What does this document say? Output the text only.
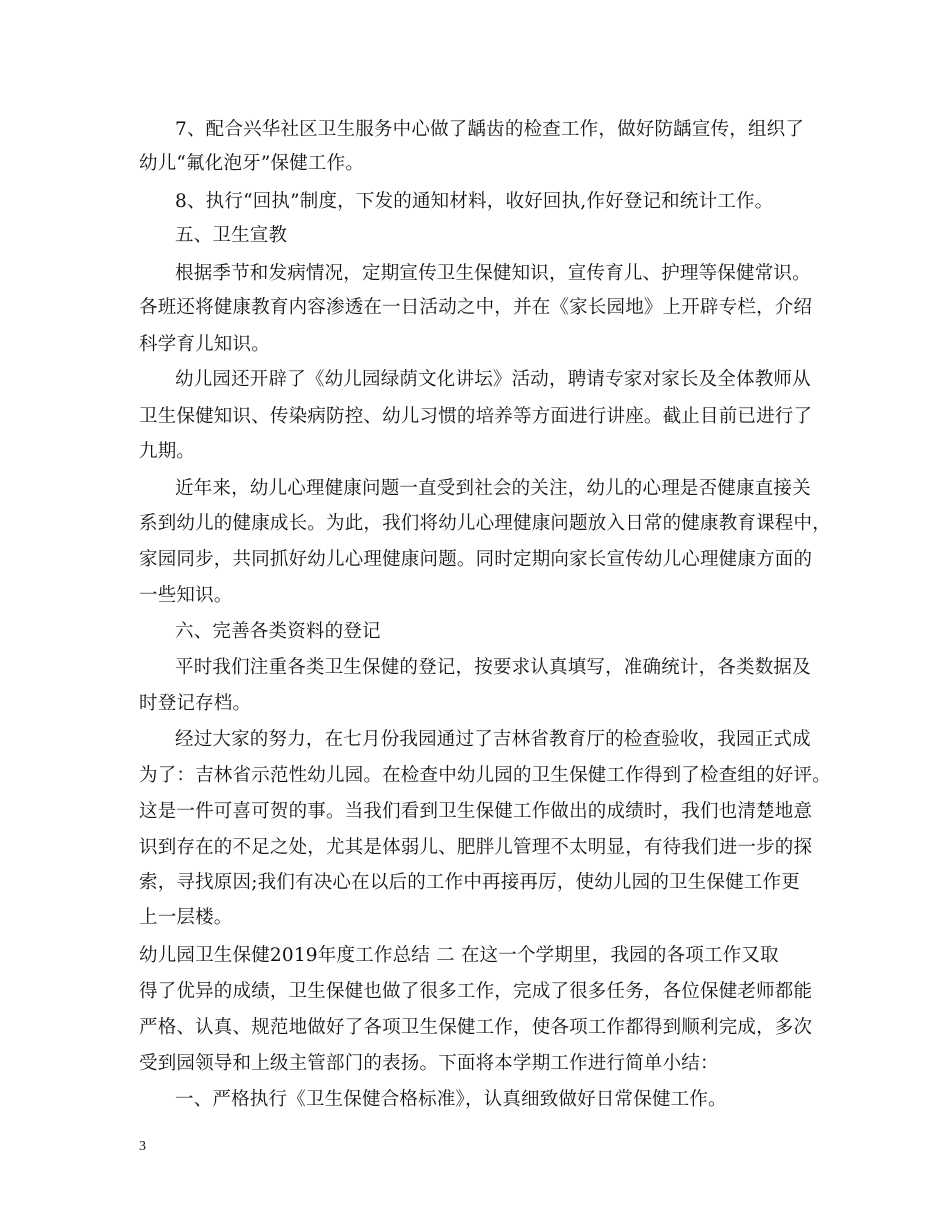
7、配合兴华社区卫生服务中心做了龋齿的检查工作，做好防龋宣传，组织了
幼儿“氟化泡牙”保健工作。
8、执行“回执”制度，下发的通知材料，收好回执,作好登记和统计工作。
五、卫生宣教
根据季节和发病情况，定期宣传卫生保健知识，宣传育儿、护理等保健常识。
各班还将健康教育内容渗透在一日活动之中，并在《家长园地》上开辟专栏，介绍
科学育儿知识。
幼儿园还开辟了《幼儿园绿荫文化讲坛》活动，聘请专家对家长及全体教师从
卫生保健知识、传染病防控、幼儿习惯的培养等方面进行讲座。截止目前已进行了
九期。
近年来，幼儿心理健康问题一直受到社会的关注，幼儿的心理是否健康直接关
系到幼儿的健康成长。为此，我们将幼儿心理健康问题放入日常的健康教育课程中，
家园同步，共同抓好幼儿心理健康问题。同时定期向家长宣传幼儿心理健康方面的
一些知识。
六、完善各类资料的登记
平时我们注重各类卫生保健的登记，按要求认真填写，准确统计，各类数据及
时登记存档。
经过大家的努力，在七月份我园通过了吉林省教育厅的检查验收，我园正式成
为了：吉林省示范性幼儿园。在检查中幼儿园的卫生保健工作得到了检查组的好评。
这是一件可喜可贺的事。当我们看到卫生保健工作做出的成绩时，我们也清楚地意
识到存在的不足之处，尤其是体弱儿、肥胖儿管理不太明显，有待我们进一步的探
索，寻找原因;我们有决心在以后的工作中再接再厉，使幼儿园的卫生保健工作更
上一层楼。
幼儿园卫生保健2019年度工作总结 二 在这一个学期里，我园的各项工作又取
得了优异的成绩，卫生保健也做了很多工作，完成了很多任务，各位保健老师都能
严格、认真、规范地做好了各项卫生保健工作，使各项工作都得到顺利完成，多次
受到园领导和上级主管部门的表扬。下面将本学期工作进行简单小结：
一、严格执行《卫生保健合格标准》，认真细致做好日常保健工作。
3
